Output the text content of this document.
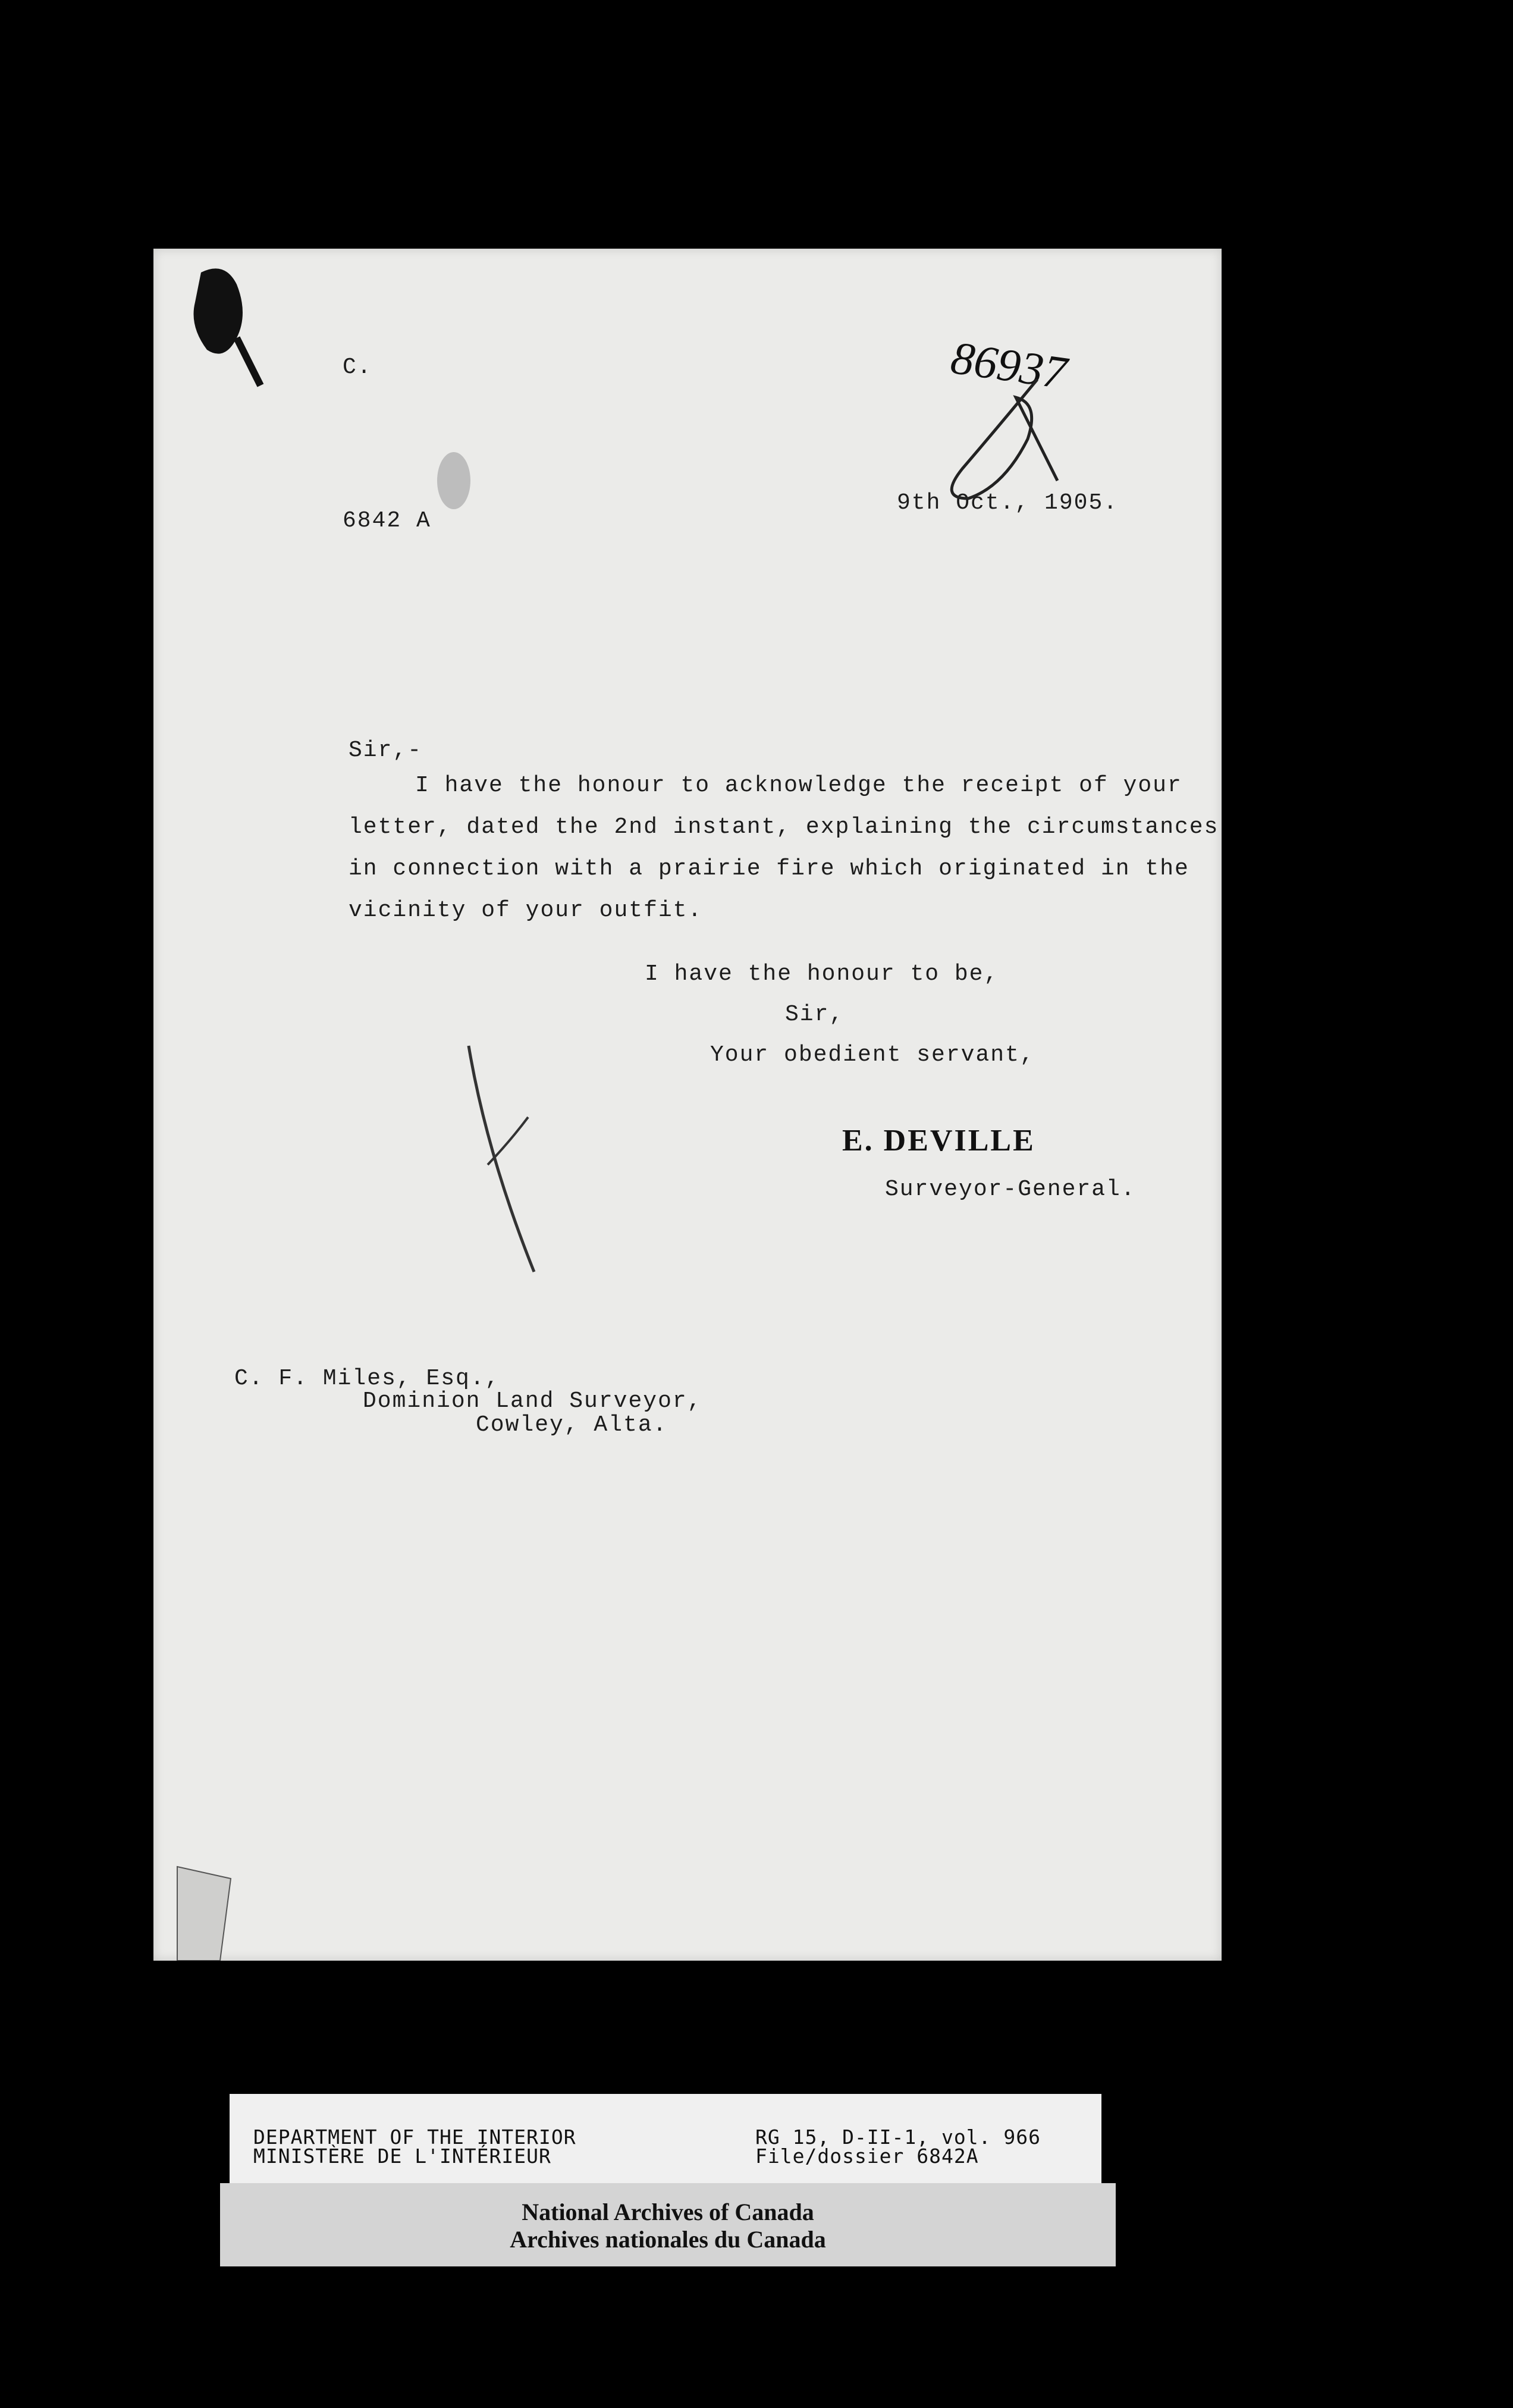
C.	86937
6842 A
9th Oct., 1905.
Sir,-
I have the honour to acknowledge the receipt of your
letter, dated the 2nd instant, explaining the circumstances
in connection with a prairie fire which originated in the
vicinity of your outfit.
I have the honour to be,
Sir,
Your obedient servant,
E. DEVILLE
Surveyor-General.
C. F. Miles, Esq.,
Dominion Land Surveyor,
Cowley, Alta.
DEPARTMENT OF THE INTERIOR
MINISTÈRE DE L'INTÉRIEUR
RG 15, D-II-1, vol. 966
File/dossier 6842A
National Archives of Canada
Archives nationales du Canada
